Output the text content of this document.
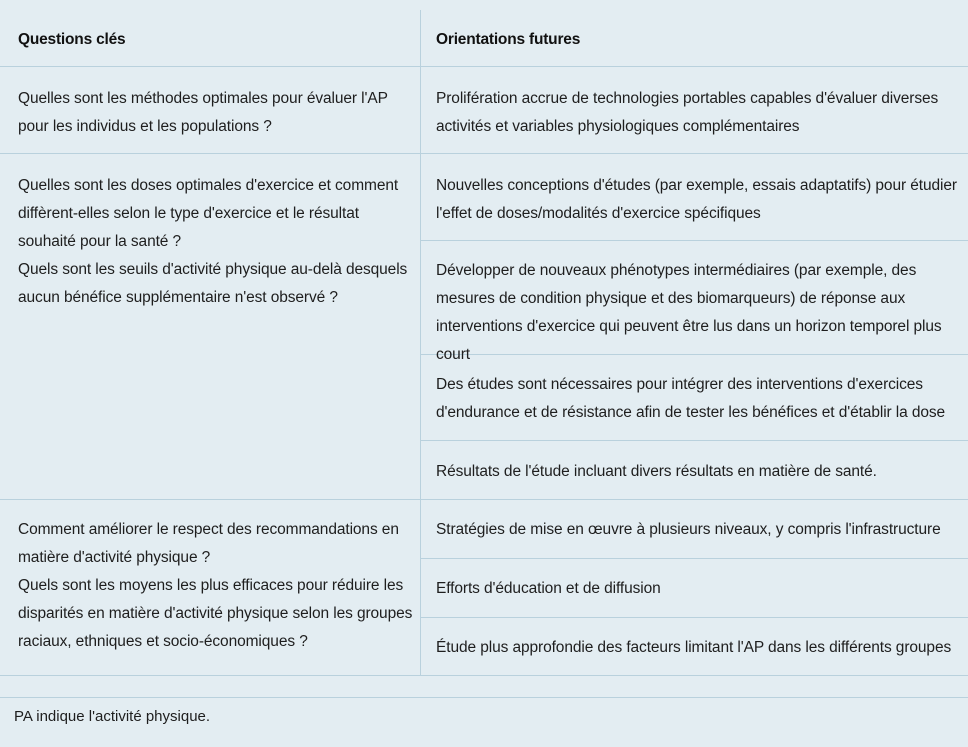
Questions clés	Orientations futures

Quelles sont les méthodes optimales pour évaluer l'AP pour les individus et les populations ?

Prolifération accrue de technologies portables capables d'évaluer diverses activités et variables physiologiques complémentaires

Quelles sont les doses optimales d'exercice et comment diffèrent-elles selon le type d'exercice et le résultat souhaité pour la santé ?

Quels sont les seuils d'activité physique au-delà desquels aucun bénéfice supplémentaire n'est observé ?

Nouvelles conceptions d'études (par exemple, essais adaptatifs) pour étudier l'effet de doses/modalités d'exercice spécifiques
Développer de nouveaux phénotypes intermédiaires (par exemple, des mesures de condition physique et des biomarqueurs) de réponse aux interventions d'exercice qui peuvent être lus dans un horizon temporel plus court
Des études sont nécessaires pour intégrer des interventions d'exercices d'endurance et de résistance afin de tester les bénéfices et d'établir la dose
Résultats de l'étude incluant divers résultats en matière de santé.

Comment améliorer le respect des recommandations en matière d'activité physique ?

Quels sont les moyens les plus efficaces pour réduire les disparités en matière d'activité physique selon les groupes raciaux, ethniques et socio-économiques ?

Stratégies de mise en œuvre à plusieurs niveaux, y compris l'infrastructure
Efforts d'éducation et de diffusion
Étude plus approfondie des facteurs limitant l'AP dans les différents groupes
PA indique l'activité physique.
